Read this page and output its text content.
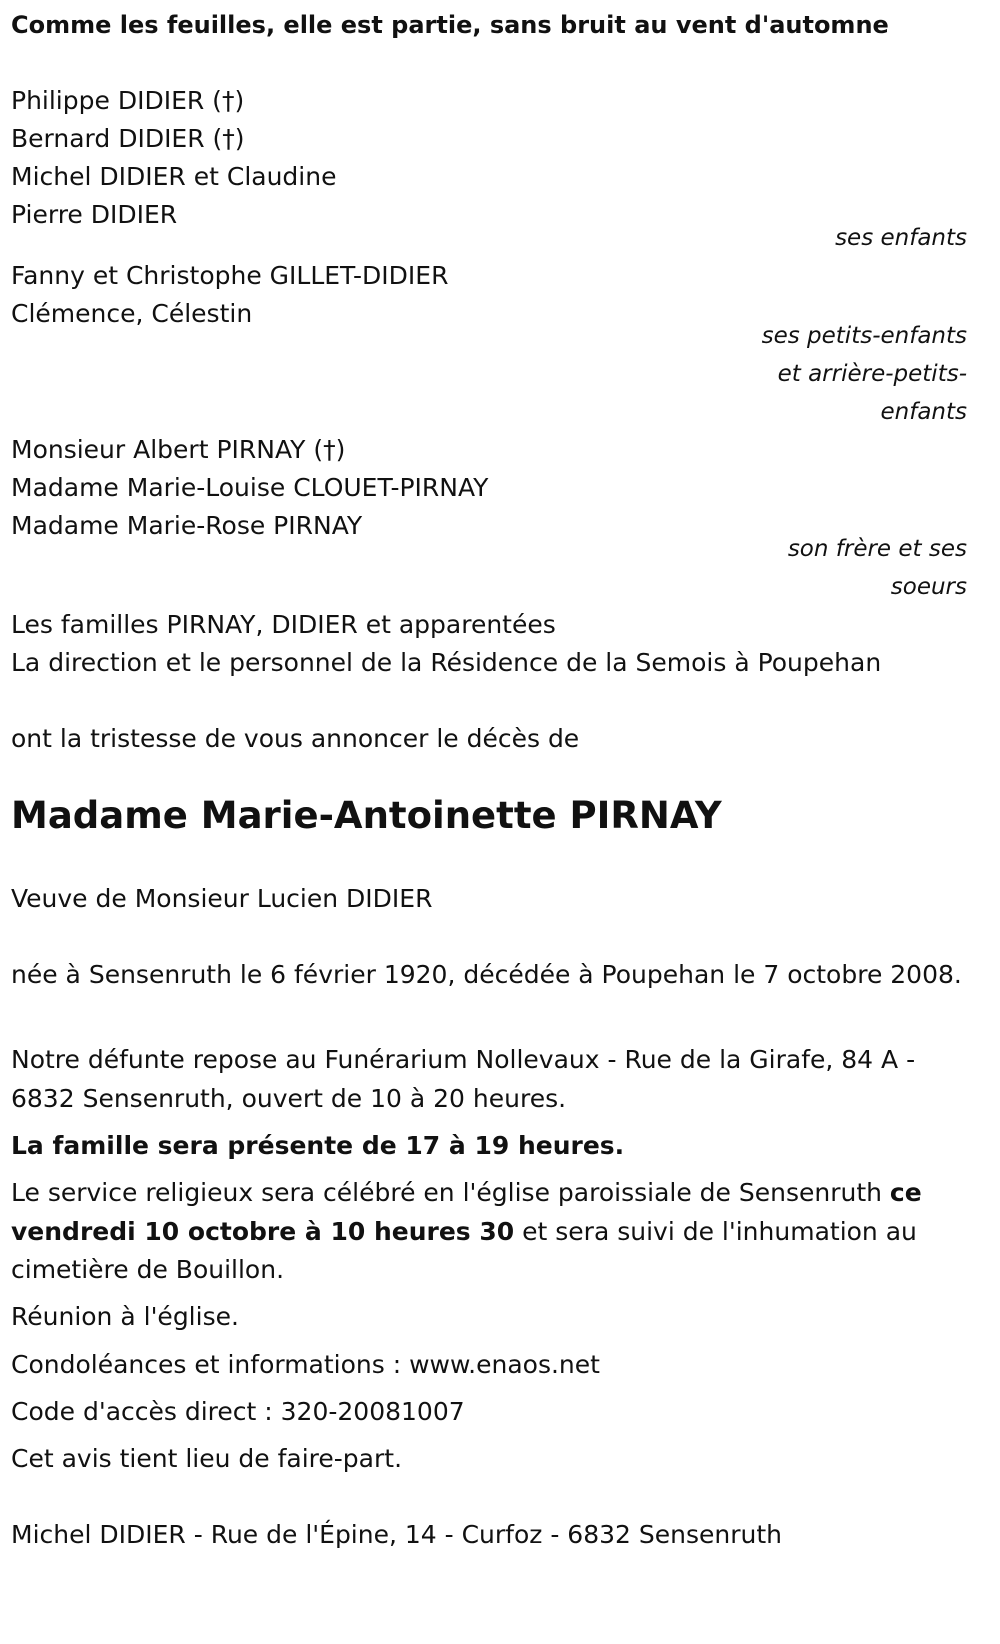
Comme les feuilles, elle est partie, sans bruit au vent d'automne

Philippe DIDIER (†)

Bernard DIDIER (†)

Michel DIDIER et Claudine

Pierre DIDIER

ses enfants

Fanny et Christophe GILLET-DIDIER

Clémence, Célestin

ses petits-enfants
et arrière-petits-
enfants

Monsieur Albert PIRNAY (†)

Madame Marie-Louise CLOUET-PIRNAY

Madame Marie-Rose PIRNAY

son frère et ses
soeurs

Les familles PIRNAY, DIDIER et apparentées

La direction et le personnel de la Résidence de la Semois à Poupehan

ont la tristesse de vous annoncer le décès de

Madame Marie-Antoinette PIRNAY

Veuve de Monsieur Lucien DIDIER

née à Sensenruth le 6 février 1920, décédée à Poupehan le 7 octobre 2008.

Notre défunte repose au Funérarium Nollevaux - Rue de la Girafe, 84 A - 6832 Sensenruth, ouvert de 10 à 20 heures.

La famille sera présente de 17 à 19 heures.

Le service religieux sera célébré en l'église paroissiale de Sensenruth ce vendredi 10 octobre à 10 heures 30 et sera suivi de l'inhumation au cimetière de Bouillon.

Réunion à l'église.

Condoléances et informations : www.enaos.net

Code d'accès direct : 320-20081007

Cet avis tient lieu de faire-part.

Michel DIDIER - Rue de l'Épine, 14 - Curfoz - 6832 Sensenruth
